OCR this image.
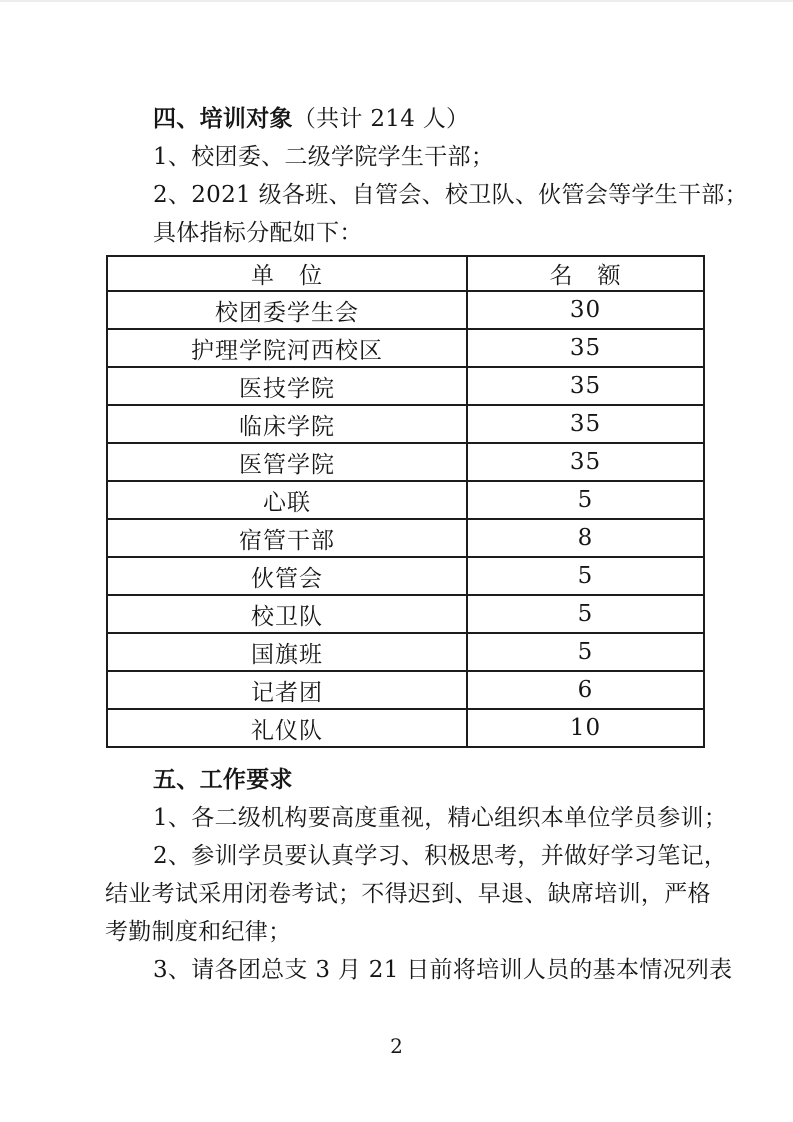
四、培训对象（共计 214 人）
1、校团委、二级学院学生干部；
2、2021 级各班、自管会、校卫队、伙管会等学生干部；
具体指标分配如下：
单　位	名　额
校团委学生会	30
护理学院河西校区	35
医技学院	35
临床学院	35
医管学院	35
心联	5
宿管干部	8
伙管会	5
校卫队	5
国旗班	5
记者团	6
礼仪队	10
五、工作要求
1、各二级机构要高度重视，精心组织本单位学员参训；
2、参训学员要认真学习、积极思考，并做好学习笔记，
结业考试采用闭卷考试；不得迟到、早退、缺席培训，严格
考勤制度和纪律；
3、请各团总支 3 月 21 日前将培训人员的基本情况列表
2
